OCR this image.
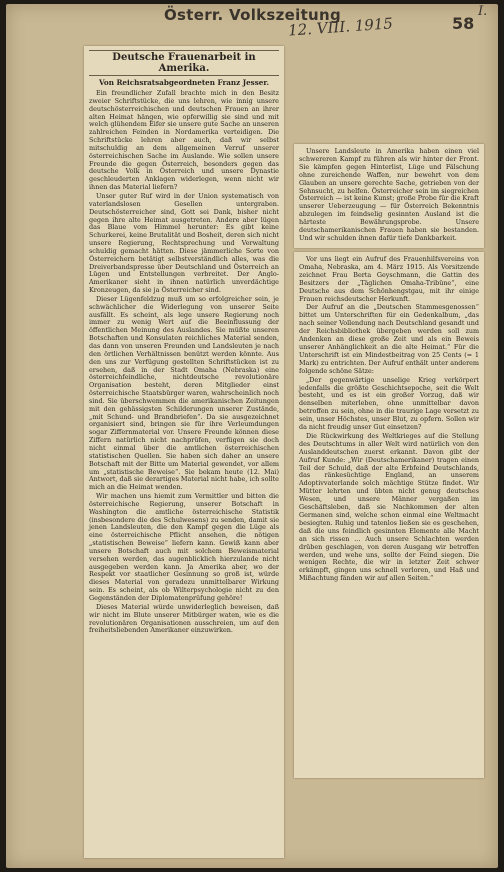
Österr. Volkszeitung
12. VIII. 1915	58
I.
Deutsche Frauenarbeit in Amerika.
Von Reichsratsabgeordneten Franz Jesser.

Ein freundlicher Zufall brachte mich in den Besitz zweier Schriftstücke, die uns lehren, wie innig unsere deutschösterreichischen und deutschen Frauen an ihrer alten Heimat hängen, wie opferwillig sie sind und mit welch glühendem Eifer sie unsere gute Sache an unseren zahlreichen Feinden in Nordamerika verteidigen. Die Schriftstücke lehren aber auch, daß wir selbst mitschuldig an dem allgemeinen Verruf unserer österreichischen Sache im Auslande. Wie sollen unsere Freunde die gegen Österreich, besonders gegen das deutsche Volk in Österreich und unsere Dynastie geschleuderten Anklagen widerlegen, wenn nicht wir ihnen das Material liefern?

Unser guter Ruf wird in der Union systematisch von vaterlandslosen Gesellen untergraben. Deutschösterreicher sind, Gott sei Dank, bisher nicht gegen ihre alte Heimat ausgetreten. Andere aber lügen das Blaue vom Himmel herunter: Es gibt keine Schurkerei, keine Brutalität und Bosheit, deren sich nicht unsere Regierung, Rechtsprechung und Verwaltung schuldig gemacht hätten. Diese jämmerliche Sorte von Österreichern betätigt selbstverständlich alles, was die Dreiverbandspresse über Deutschland und Österreich an Lügen und Entstellungen verbreitet. Der Anglo-Amerikaner sieht in ihnen natürlich unverdächtige Kronzeugen, da sie ja Österreicher sind.

Dieser Lügenfeldzug muß um so erfolgreicher sein, je schwächlicher die Widerlegung von unserer Seite ausfällt. Es scheint, als lege unsere Regierung noch immer zu wenig Wert auf die Beeinflussung der öffentlichen Meinung des Auslandes. Sie müßte unseren Botschaften und Konsulaten reichliches Material senden, das dann von unseren Freunden und Landsleuten je nach den örtlichen Verhältnissen benützt werden könnte. Aus den uns zur Verfügung gestellten Schriftstücken ist zu ersehen, daß in der Stadt Omaha (Nebraska) eine österreichfeindliche, nichtdeutsche revolutionäre Organisation besteht, deren Mitglieder einst österreichische Staatsbürger waren, wahrscheinlich noch sind. Sie überschwemmen die amerikanischen Zeitungen mit den gehässigsten Schilderungen unserer Zustände, „mit Schund- und Brandbriefen“. Da sie ausgezeichnet organisiert sind, bringen sie für ihre Verleumdungen sogar Ziffernmaterial vor. Unsere Freunde können diese Ziffern natürlich nicht nachprüfen, verfügen sie doch nicht einmal über die amtlichen österreichischen statistischen Quellen. Sie haben sich daher an unsere Botschaft mit der Bitte um Material gewendet, vor allem um „statistische Beweise“. Sie bekam heute (12. Mai) Antwort, daß sie derartiges Material nicht habe, ich sollte mich an die Heimat wenden.

Wir machen uns hiemit zum Vermittler und bitten die österreichische Regierung, unserer Botschaft in Washington die amtliche österreichische Statistik (insbesondere die des Schulwesens) zu senden, damit sie jenen Landsleuten, die den Kampf gegen die Lüge als eine österreichische Pflicht ansehen, die nötigen „statistischen Beweise“ liefern kann. Gewiß kann aber unsere Botschaft auch mit solchem Beweismaterial versehen werden, das augenblicklich hierzulande nicht ausgegeben werden kann. Ja Amerika aber, wo der Respekt vor staatlicher Gesinnung so groß ist, würde dieses Material von geradezu unmittelbarer Wirkung sein. Es scheint, als ob Wilterpsychologie nicht zu den Gegenständen der Diplomatenprüfung gehöre!

Dieses Material würde unwiderleglich beweisen, daß wir nicht im Blute unserer Mitbürger waten, wie es die revolutionären Organisationen ausschreien, um auf den freiheitsliebenden Amerikaner einzuwirken.

Unsere Landsleute in Amerika haben einen viel schwereren Kampf zu führen als wir hinter der Front. Sie kämpfen gegen Hinterlist, Lüge und Fälschung ohne zureichende Waffen, nur bewehrt von dem Glauben an unsere gerechte Sache, getrieben von der Sehnsucht, zu helfen. Österreicher sein im siegreichen Österreich — ist keine Kunst; große Probe für die Kraft unserer Ueberzeugung — für Österreich Bekenntnis abzulegen im feindselig gesinnten Ausland ist die härteste Bewährungsprobe. Unsere deutschamerikanischen Frauen haben sie bestanden. Und wir schulden ihnen dafür tiefe Dankbarkeit.

Vor uns liegt ein Aufruf des Frauenhilfsvereins von Omaha, Nebraska, am 4. März 1915. Als Vorsitzende zeichnet Frau Berta Geyschmann, die Gattin des Besitzers der „Täglichen Omaha-Tribüne“, eine Deutsche aus dem Schönhengstgau, mit ihr einige Frauen reichsdeutscher Herkunft.

Der Aufruf an die „Deutschen Stammesgenossen“ bittet um Unterschriften für ein Gedenkalbum, „das nach seiner Vollendung nach Deutschland gesandt und der Reichsbibliothek übergeben werden soll zum Andenken an diese große Zeit und als ein Beweis unserer Anhänglichkeit an die alte Heimat.“ Für die Unterschrift ist ein Mindestbeitrag von 25 Cents (= 1 Mark) zu entrichten. Der Aufruf enthält unter anderem folgende schöne Sätze:

„Der gegenwärtige unselige Krieg verkörpert jedenfalls die größte Geschichtsepoche, seit die Welt besteht, und es ist ein großer Vorzug, daß wir denselben miterleben, ohne unmittelbar davon betroffen zu sein, ohne in die traurige Lage versetzt zu sein, unser Höchstes, unser Blut, zu opfern. Sollen wir da nicht freudig unser Gut einsetzen?

Die Rückwirkung des Weltkrieges auf die Stellung des Deutschtums in aller Welt wird natürlich von den Auslanddeutschen zuerst erkannt. Davon gibt der Aufruf Kunde: „Wir (Deutschamerikaner) tragen einen Teil der Schuld, daß der alte Erbfeind Deutschlands, das ränkesüchtige England, an unserem Adoptivvaterlande solch mächtige Stütze findet. Wir Mütter lehrten und übten nicht genug deutsches Wesen, und unsere Männer vergaßen im Geschäftsleben, daß sie Nachkommen der alten Germanen sind, welche schon einmal eine Weltmacht besiegten. Ruhig und tatenlos ließen sie es geschehen, daß die uns feindlich gesinnten Elemente alle Macht an sich rissen ... Auch unsere Schlachten werden drüben geschlagen, von deren Ausgang wir betroffen werden, und wehe uns, sollte der Feind siegen. Die wenigen Rechte, die wir in letzter Zeit schwer erkämpft, gingen uns schnell verloren, und Haß und Mißachtung fänden wir auf allen Seiten.“
